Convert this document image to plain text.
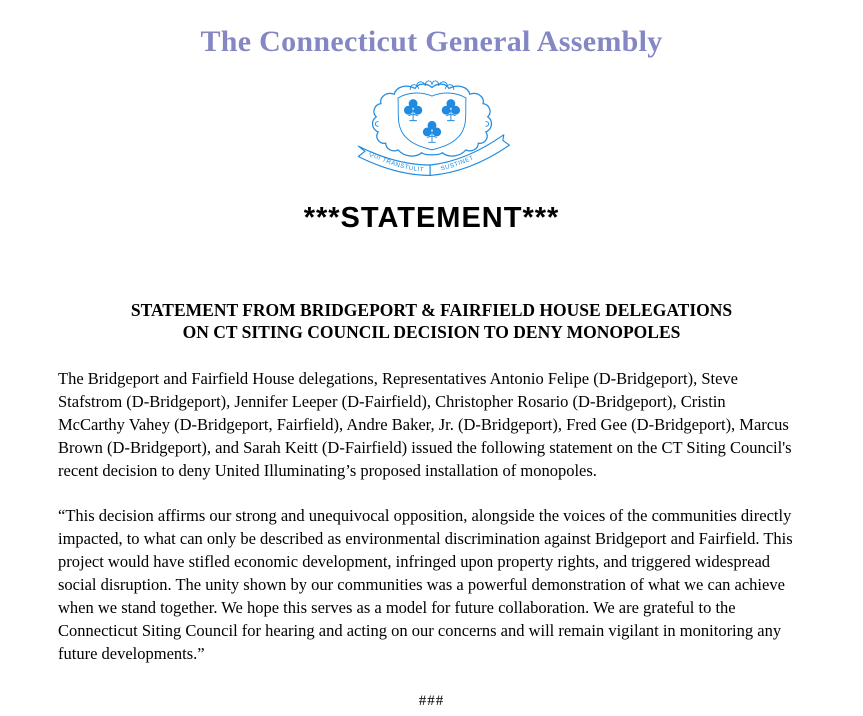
The Connecticut General Assembly
QUI TRANSTULIT SUSTINET
***STATEMENT***
STATEMENT FROM BRIDGEPORT & FAIRFIELD HOUSE DELEGATIONS
ON CT SITING COUNCIL DECISION TO DENY MONOPOLES

The Bridgeport and Fairfield House delegations, Representatives Antonio Felipe (D-Bridgeport), Steve Stafstrom (D-Bridgeport), Jennifer Leeper (D-Fairfield), Christopher Rosario (D-Bridgeport), Cristin McCarthy Vahey (D-Bridgeport, Fairfield), Andre Baker, Jr. (D-Bridgeport), Fred Gee (D-Bridgeport), Marcus Brown (D-Bridgeport), and Sarah Keitt (D-Fairfield) issued the following statement on the CT Siting Council's recent decision to deny United Illuminating’s proposed installation of monopoles.

“This decision affirms our strong and unequivocal opposition, alongside the voices of the communities directly impacted, to what can only be described as environmental discrimination against Bridgeport and Fairfield. This project would have stifled economic development, infringed upon property rights, and triggered widespread social disruption. The unity shown by our communities was a powerful demonstration of what we can achieve when we stand together. We hope this serves as a model for future collaboration. We are grateful to the Connecticut Siting Council for hearing and acting on our concerns and will remain vigilant in monitoring any future developments.”

###
